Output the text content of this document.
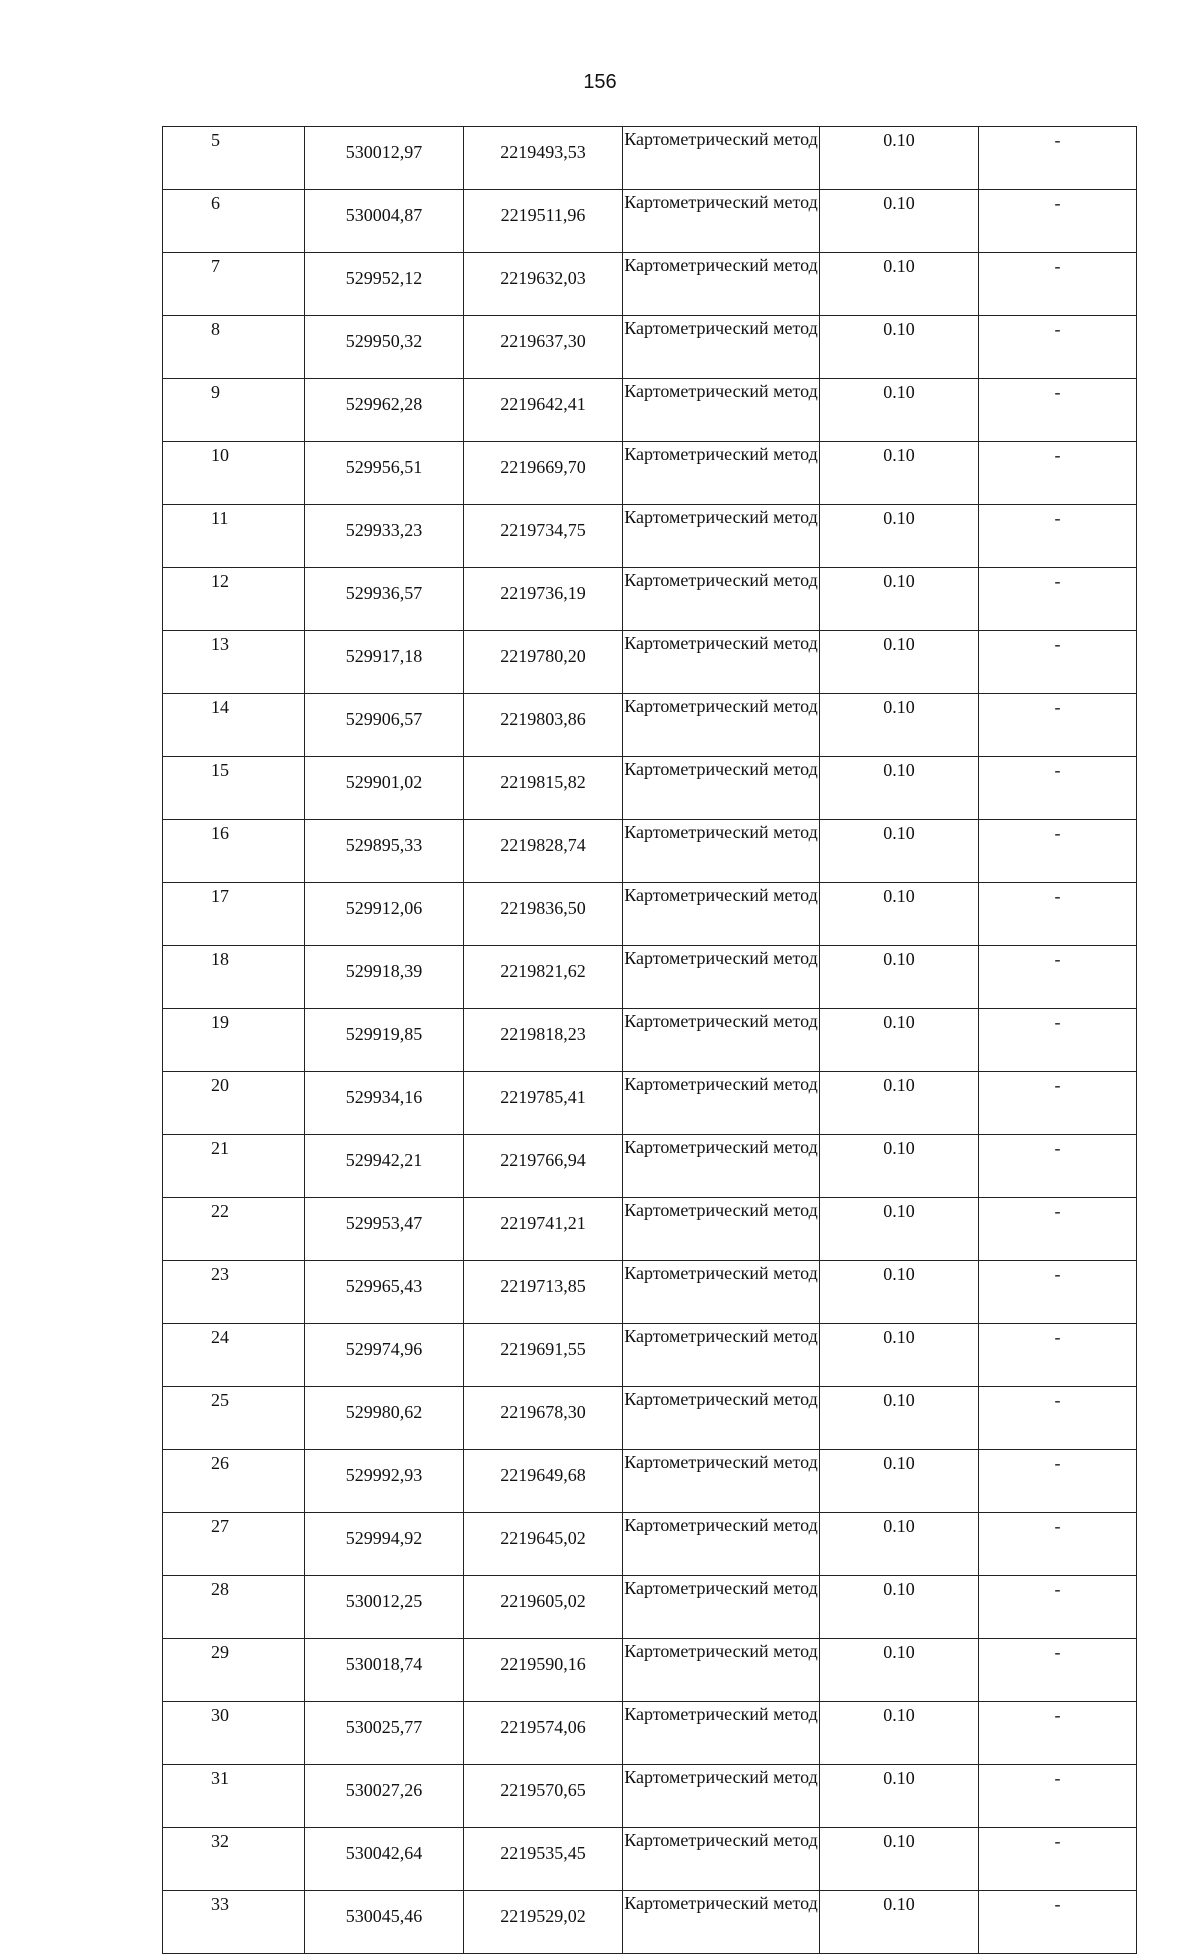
156
5	530012,97	2219493,53	Картометрический метод	0.10	-
6	530004,87	2219511,96	Картометрический метод	0.10	-
7	529952,12	2219632,03	Картометрический метод	0.10	-
8	529950,32	2219637,30	Картометрический метод	0.10	-
9	529962,28	2219642,41	Картометрический метод	0.10	-
10	529956,51	2219669,70	Картометрический метод	0.10	-
11	529933,23	2219734,75	Картометрический метод	0.10	-
12	529936,57	2219736,19	Картометрический метод	0.10	-
13	529917,18	2219780,20	Картометрический метод	0.10	-
14	529906,57	2219803,86	Картометрический метод	0.10	-
15	529901,02	2219815,82	Картометрический метод	0.10	-
16	529895,33	2219828,74	Картометрический метод	0.10	-
17	529912,06	2219836,50	Картометрический метод	0.10	-
18	529918,39	2219821,62	Картометрический метод	0.10	-
19	529919,85	2219818,23	Картометрический метод	0.10	-
20	529934,16	2219785,41	Картометрический метод	0.10	-
21	529942,21	2219766,94	Картометрический метод	0.10	-
22	529953,47	2219741,21	Картометрический метод	0.10	-
23	529965,43	2219713,85	Картометрический метод	0.10	-
24	529974,96	2219691,55	Картометрический метод	0.10	-
25	529980,62	2219678,30	Картометрический метод	0.10	-
26	529992,93	2219649,68	Картометрический метод	0.10	-
27	529994,92	2219645,02	Картометрический метод	0.10	-
28	530012,25	2219605,02	Картометрический метод	0.10	-
29	530018,74	2219590,16	Картометрический метод	0.10	-
30	530025,77	2219574,06	Картометрический метод	0.10	-
31	530027,26	2219570,65	Картометрический метод	0.10	-
32	530042,64	2219535,45	Картометрический метод	0.10	-
33	530045,46	2219529,02	Картометрический метод	0.10	-
